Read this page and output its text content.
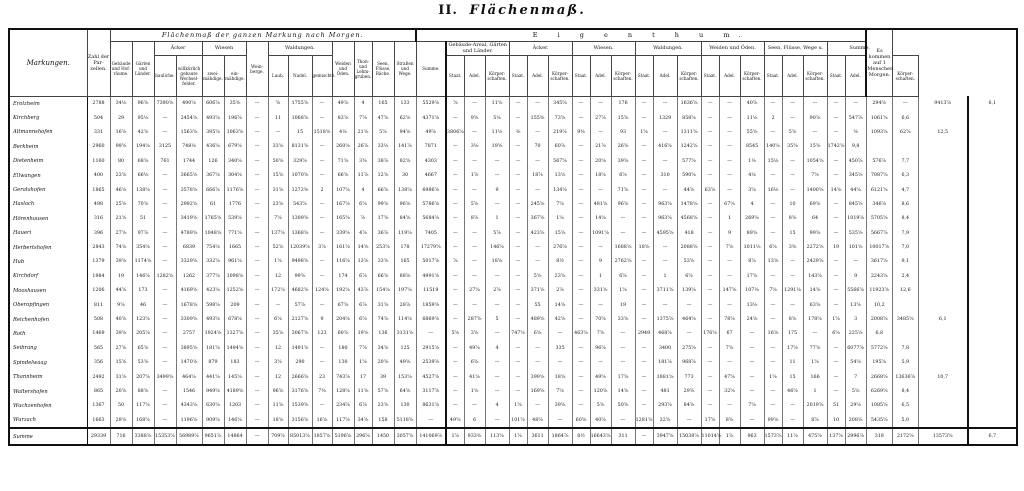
II. Flächenmaß.
Markungen.	Zahl der Parzellen.	Flächenmaß der ganzen Markung nach Morgen.														E i g e n t h u m.																					Es kommen auf 1 Menschen Morgen.			
		Gebäude und Hofräume.	Gärten und Länder.	Äcker		Wiesen		Weinberge.	Waldungen.			Weiden und Öden.	Thon- und Lehmgruben.	Seen, Flüsse, Bäche.	Straßen und Wege.	Summe.	Gebäude-Areal, Gärten und Länder.			Äcker.			Wiesen.			Waldungen.			Weiden und Öden.			Seen, Flüsse, Wege u.			Summe.					
				bauliche.	willkürlich gebaute Wechselfelder.	zweimähdige.	einmähdige.		Laub.	Nadel.	gemischte.						Staat.	Adel.	Körperschaften.	Staat.	Adel.	Körperschaften.	Staat.	Adel.	Körperschaften.	Staat.	Adel.	Körperschaften.	Staat.	Adel.	Körperschaften.	Staat.	Adel.	Körperschaften.	Staat.	Adel.		Körperschaften.		
Erolzheim	2788	34⅛	96⅝	7390⅝	490⅝	606⅞	35⅜	—	⅝	1755⅝	—	49⅞	4	165	133	5529⅝	⅞	—	11⅝	—	—	345⅝	—	—	176	—	—	1636⅝	—	—	40⅞	—	—	—	—	—	294⅝	—	9413⅞	6,1
Kirchberg	504	29	95⅛	—	2454⅝	493⅝	196⅞	—	11	1068⅝	—	83⅞	7⅞	47⅝	62⅝	4371⅝	—	9⅝	5⅛	—	155⅜	73⅝	—	27⅞	15⅝	—	1329	858⅝	—	—	11⅛	2	—	90⅞	—	547⅞	1061⅝	6,6		
Altmannshofen	331	16⅝	42⅝	—	1563⅝	385⅝	1063⅝	—	—	15	1518⅝	4⅛	21⅝	5⅝	94⅝	49⅝	3806⅝	—	11⅛	⅜	—	219⅝	9⅜	—	93	1⅝	—	1311⅝	—	—	55⅝	—	5⅝	—	—	⅜	1093⅝	62⅞	12,5	
Berkheim	2960	99⅝	194⅝	3125	748⅛	436⅝	679⅝	—	33⅝	8131⅝	—	260⅝	26⅞	33⅛	141⅞	7871	—	3⅛	19⅝	—	70	60⅞	—	21⅞	26⅝	—	416⅝	1242⅝	—	—	8545	140⅝	35⅝	15⅝	1742⅝	9,8				
Dietenheim	1160	80	68⅝	761	1744	126	340⅝	—	50⅝	329⅝	—	71⅝	3⅜	38⅞	82⅝	4303	—	—	—	—	—	567⅝	—	20⅝	39⅝	—	—	577⅝	—	—	1⅛	15⅛	—	1054⅝	—	450⅞	576⅞	7,7		
Ellwangen	400	23⅝	66⅛	—	3665⅝	367⅝	304⅝	—	15⅝	1070⅝	—	66⅝	11⅞	12⅝	30	4667	—	1⅞	—	—	18⅞	13⅝	—	18⅝	6⅝	—	310	590⅝	—	—	4⅛	—	—	7⅝	—	345⅝	7087⅝	6,3		
Geratshofen	1865	46⅝	138⅝	—	3578⅝	666⅞	1176⅝	—	31⅝	1272⅜	2	107⅝	4	66⅝	138⅝	6986⅝	—	—	9	—	—	134⅝	—	—	71⅝	—	—	44⅝	63⅝	—	3⅝	16⅛	—	1400⅝	14⅝	44⅝	6121⅝	4,7		
Haslach	498	25⅝	70⅝	—	2992⅝	61	1776	—	23⅝	543⅝	—	167⅝	6⅝	99⅝	96⅝	5786⅝	—	5⅝	—	—	245⅝	7⅝	—	481⅝	96⅝	—	963⅝	1478⅝	—	67⅝	4	—	10	69⅝	—	845⅝	346⅝	8,6		
Hörenhausen	316	21⅝	51	—	3419⅝	1765⅝	539⅝	—	7⅝	1309⅝	—	165⅝	⅞	17⅝	84⅝	5684⅝	—	8⅞	1	—	367⅝	1⅝	—	14⅝	—	—	963⅝	4568⅝	—	1	269⅝	—	8⅝	64	—	1019⅝	5705⅝	8,4		
Haueri	396	27⅝	97⅞	—	4789⅝	1048⅝	771⅝	—	137⅝	1368⅝	—	339⅝	4⅞	36⅞	119⅝	7405	—	—	5⅞	—	423⅝	15⅝	—	1091⅝	—	—	4595⅝	418	—	9	89⅝	—	15	99⅝	—	535⅝	5667⅞	7,9		
Herbertshofen	2843	74⅝	354⅝	—	6839	754⅝	1665	—	52⅝	12039⅝	3⅞	161⅝	14⅝	253⅝	178	17279⅝	—	—	146⅝	—	—	276⅝	—	—	1688⅝	18⅝	—	2088⅝	—	7⅝	1011⅛	6⅝	3⅜	2272⅝	19	101⅝	10017⅝	7,0		
Hub	1379	39⅝	1174⅝	—	3329⅝	332⅝	961⅝	—	1⅝	9498⅝	—	116⅝	13⅝	33⅝	165	5017⅝	⅞	—	18⅝	—	—	8½	—	9	2762⅝	—	—	53⅝	—	—	8⅞	13⅝	—	2429⅝	—	—	3617⅝	9,1		
Kirchdorf	1984	19	146⅝	1282⅝	1262	377⅝	1098⅝	—	12	99⅝	—	174	6⅞	66⅝	88⅝	4991⅝	—	—	—	—	5⅝	23⅝	—	1	6⅝	—	1	6⅝	—	—	17⅝	—	—	143⅝	—	9	2243⅝	2,4		
Mooshausen	1206	44⅝	173	—	4169⅝	423⅝	1252⅝	—	172⅝	4682⅝	124⅝	192⅝	43⅞	154⅝	197⅝	11519	—	27⅝	2⅞	—	371⅝	2⅞	—	331⅝	1⅝	—	3711⅝	139⅝	—	147⅝	107⅛	7⅝	1291⅛	14⅝	—	5566⅝	11923⅝	12,6		
Oberopfingen	811	9⅝	46	—	1678⅝	598⅝	209	—	—	57⅞	—	67⅝	6⅞	31⅝	28⅞	1859⅝	—	—	—	—	55	14⅝	—	—	19	—	—	—	—	—	13⅛	—	—	63⅝	—	13⅝	10,2			
Reichenhofen	508	40⅝	123⅝	—	3309⅝	493⅝	678⅝	—	6⅝	2127⅝	9	204⅝	6⅝	74⅞	114⅝	6869⅝	—	287⅝	5	—	489⅝	42⅝	—	70⅝	33⅝	—	1375⅝	464⅝	—	78⅝	24⅝	—	8⅝	178⅝	1⅝	3	2008⅝	3485⅝	6,1	
Roth	1469	39⅝	205⅝	—	2757	1924⅝	1327⅝	—	35⅝	3067⅝	123	60⅞	19⅝	136	3131⅝	—	5⅝	3⅝	—	747⅝	6⅝	—	463⅝	7⅝	—	2949	468⅝	—	176⅝	67	—	16⅝	175	—	6⅝	225⅝	6,8			
Seibrang	565	27⅝	65⅝	—	3895⅝	181⅝	1494⅝	—	12	1491⅝	—	180	7⅞	34⅝	125	2915⅝	—	49⅞	4	—	—	335	—	96⅝	—	—	3400	275⅝	—	7⅝	—	—	17⅝	77⅝	—	6077⅝	5772⅝	7,8		
Spindelwaag	356	15⅝	53⅝	—	1470⅝	879	183	—	3⅝	290	—	130	1⅝	20⅝	49⅝	2539⅝	—	6⅝	—	—	—	—	—	—	—	—	181⅞	968⅞	—	—	—	—	11	1⅝	—	54⅝	195⅝	5,9		
Thannheim	2492	31⅝	207⅝	3499⅝	464⅝	441⅝	145⅝	—	12	2666⅝	23	743⅞	17	39	153⅝	4527⅝	—	41⅝	—	—	399⅝	18⅝	—	49⅝	17⅝	—	1881⅝	773	—	47⅝	—	1⅝	15	166	—	7	2668⅝	13636⅝	10,7	
Waltershofen	865	20⅝	88⅝	—	1546	949⅝	4189⅝	—	96⅝	3176⅝	7⅜	128⅝	11⅝	57⅝	64⅝	3117⅝	—	1⅝	—	—	169⅝	7⅝	—	120⅝	14⅝	—	481	29⅝	—	32⅝	—	—	46⅝	1	—	5⅝	6269⅝	8,4		
Wuchzenhofen	1367	50	117⅝	—	4343⅝	630⅝	1203	—	11⅝	1539⅝	—	234⅝	6⅞	23⅝	130	8631⅝	—	—	4	1⅝	—	39⅝	—	5⅝	50⅝	—	293⅝	84⅝	—	—	7⅝	—	—	2019⅝	51	29⅝	1085⅝	6,5		
Wurzach	1663	29⅝	168⅝	—	1196⅝	909⅝	146⅝	—	18⅝	3156⅝	16⅝	117⅝	34⅝	158	5118⅝	—	49⅝	6	—	101⅝	48⅝	—	60⅝	40⅝	—	1281⅝	32⅝	—	17⅝	8⅝	—	99⅝	—	8⅞	10	208⅝	5435⅝	5,0		
Summe	29339	716	3388⅞	15353⅝	56989⅝	9651⅞	14864	—	709⅝	85013⅝	1857⅝	5196⅝	296⅝	1450	3057⅝	141069⅞	1⅞	933⅜	113⅝	1⅞	3611	1864⅞	8½	16643⅝	311	—	3947⅝	15038⅝	11014⅝	1⅞	963	1573⅞	11⅝	475⅝	137⅝	2996⅞	318	2172⅝	13573⅝	6,7
